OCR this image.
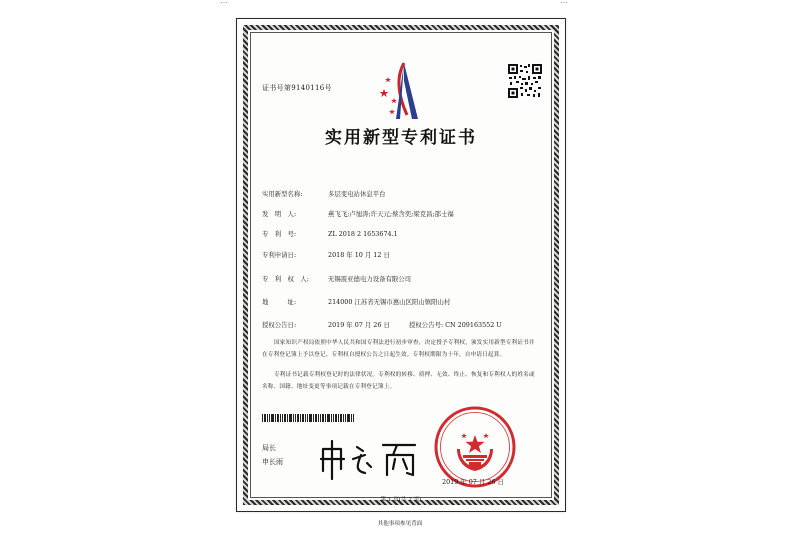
…	…
证书号第9140116号
实用新型专利证书
实用新型名称:	多层变电站休息平台
发　明　人:	燕飞飞;卢旭涛;许天元;蔡含奕;梁克昌;邵士福
专　利　号:	ZL 2018 2 1653674.1
专利申请日:	2018 年 10 月 12 日
专　利　权　人:	无锡震亚德电力设备有限公司
地　　　址:	214000 江苏省无锡市惠山区阳山镇阳山村
授权公告日:	2019 年 07 月 26 日　　　授权公告号: CN 209163552 U
国家知识产权局依照中华人民共和国专利法进行初步审查，决定授予专利权，颁发实用新型专利证书并在专利登记簿上予以登记。专利权自授权公告之日起生效。专利权期限为十年，自申请日起算。
专利证书记载专利权登记时的法律状况。专利权的转移、质押、无效、终止、恢复和专利权人的姓名或名称、国籍、地址变更等事项记载在专利登记簿上。
局长
申长雨
2019 年 07 月 26 日
第 1 页(共 2 页)
其他事项参见背面
